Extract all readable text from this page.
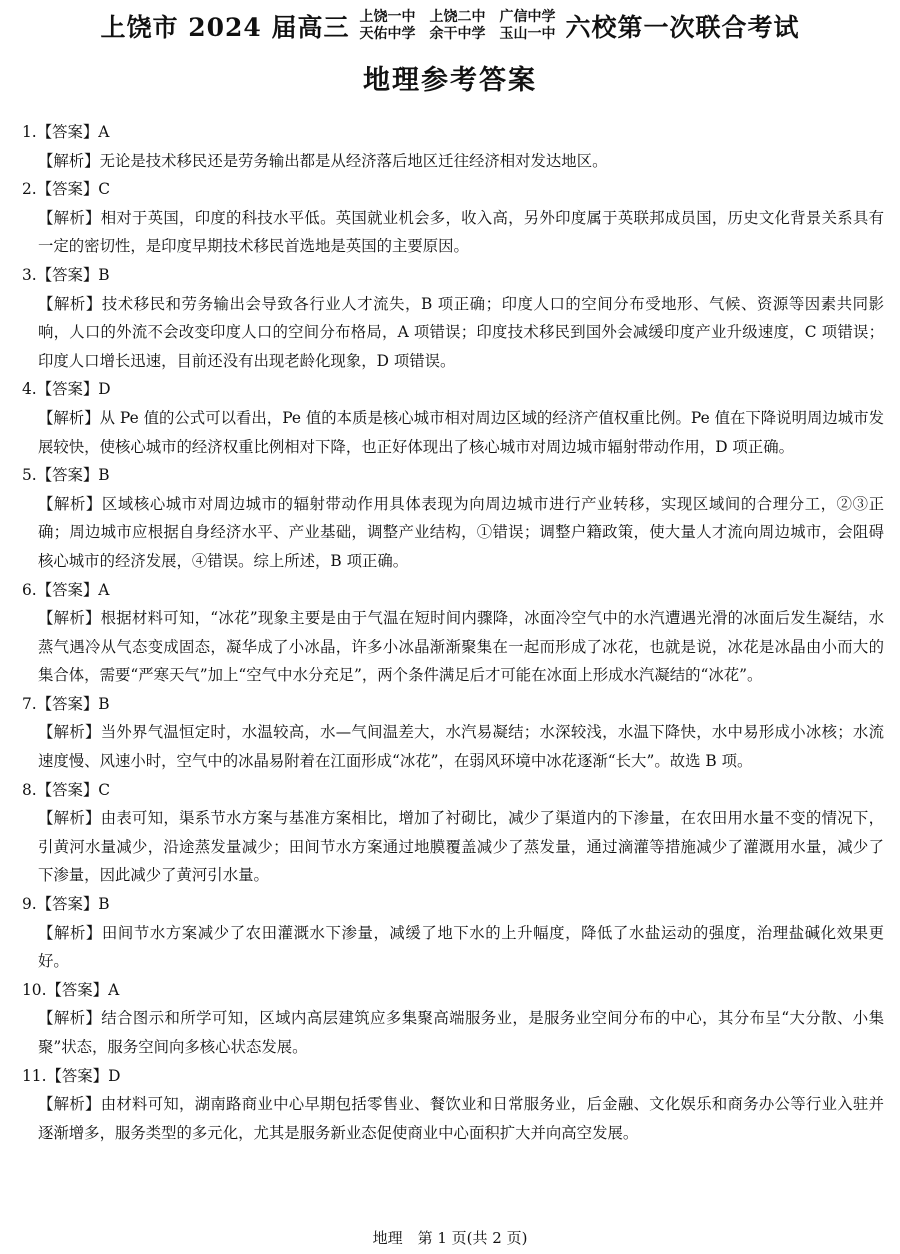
上饶市 2024 届高三 上饶一中 上饶二中 广信中学
天佑中学 余干中学 玉山一中 六校第一次联合考试
地理参考答案
1.【答案】A
【解析】无论是技术移民还是劳务输出都是从经济落后地区迁往经济相对发达地区。
2.【答案】C
【解析】相对于英国，印度的科技水平低。英国就业机会多，收入高，另外印度属于英联邦成员国，历史文化背景关系具有一定的密切性，是印度早期技术移民首选地是英国的主要原因。
3.【答案】B
【解析】技术移民和劳务输出会导致各行业人才流失，B 项正确；印度人口的空间分布受地形、气候、资源等因素共同影响，人口的外流不会改变印度人口的空间分布格局，A 项错误；印度技术移民到国外会减缓印度产业升级速度，C 项错误；印度人口增长迅速，目前还没有出现老龄化现象，D 项错误。
4.【答案】D
【解析】从 Pe 值的公式可以看出，Pe 值的本质是核心城市相对周边区域的经济产值权重比例。Pe 值在下降说明周边城市发展较快，使核心城市的经济权重比例相对下降，也正好体现出了核心城市对周边城市辐射带动作用，D 项正确。
5.【答案】B
【解析】区域核心城市对周边城市的辐射带动作用具体表现为向周边城市进行产业转移，实现区域间的合理分工，②③正确；周边城市应根据自身经济水平、产业基础，调整产业结构，①错误；调整户籍政策，使大量人才流向周边城市，会阻碍核心城市的经济发展，④错误。综上所述，B 项正确。
6.【答案】A
【解析】根据材料可知，“冰花”现象主要是由于气温在短时间内骤降，冰面冷空气中的水汽遭遇光滑的冰面后发生凝结，水蒸气遇冷从气态变成固态，凝华成了小冰晶，许多小冰晶渐渐聚集在一起而形成了冰花，也就是说，冰花是冰晶由小而大的集合体，需要“严寒天气”加上“空气中水分充足”，两个条件满足后才可能在冰面上形成水汽凝结的“冰花”。
7.【答案】B
【解析】当外界气温恒定时，水温较高，水—气间温差大，水汽易凝结；水深较浅，水温下降快，水中易形成小冰核；水流速度慢、风速小时，空气中的冰晶易附着在江面形成“冰花”，在弱风环境中冰花逐渐“长大”。故选 B 项。
8.【答案】C
【解析】由表可知，渠系节水方案与基准方案相比，增加了衬砌比，减少了渠道内的下渗量，在农田用水量不变的情况下，引黄河水量减少，沿途蒸发量减少；田间节水方案通过地膜覆盖减少了蒸发量，通过滴灌等措施减少了灌溉用水量，减少了下渗量，因此减少了黄河引水量。
9.【答案】B
【解析】田间节水方案减少了农田灌溉水下渗量，减缓了地下水的上升幅度，降低了水盐运动的强度，治理盐碱化效果更好。
10.【答案】A
【解析】结合图示和所学可知，区域内高层建筑应多集聚高端服务业，是服务业空间分布的中心，其分布呈“大分散、小集聚”状态，服务空间向多核心状态发展。
11.【答案】D
【解析】由材料可知，湖南路商业中心早期包括零售业、餐饮业和日常服务业，后金融、文化娱乐和商务办公等行业入驻并逐渐增多，服务类型的多元化，尤其是服务新业态促使商业中心面积扩大并向高空发展。
地理　第 1 页(共 2 页)
